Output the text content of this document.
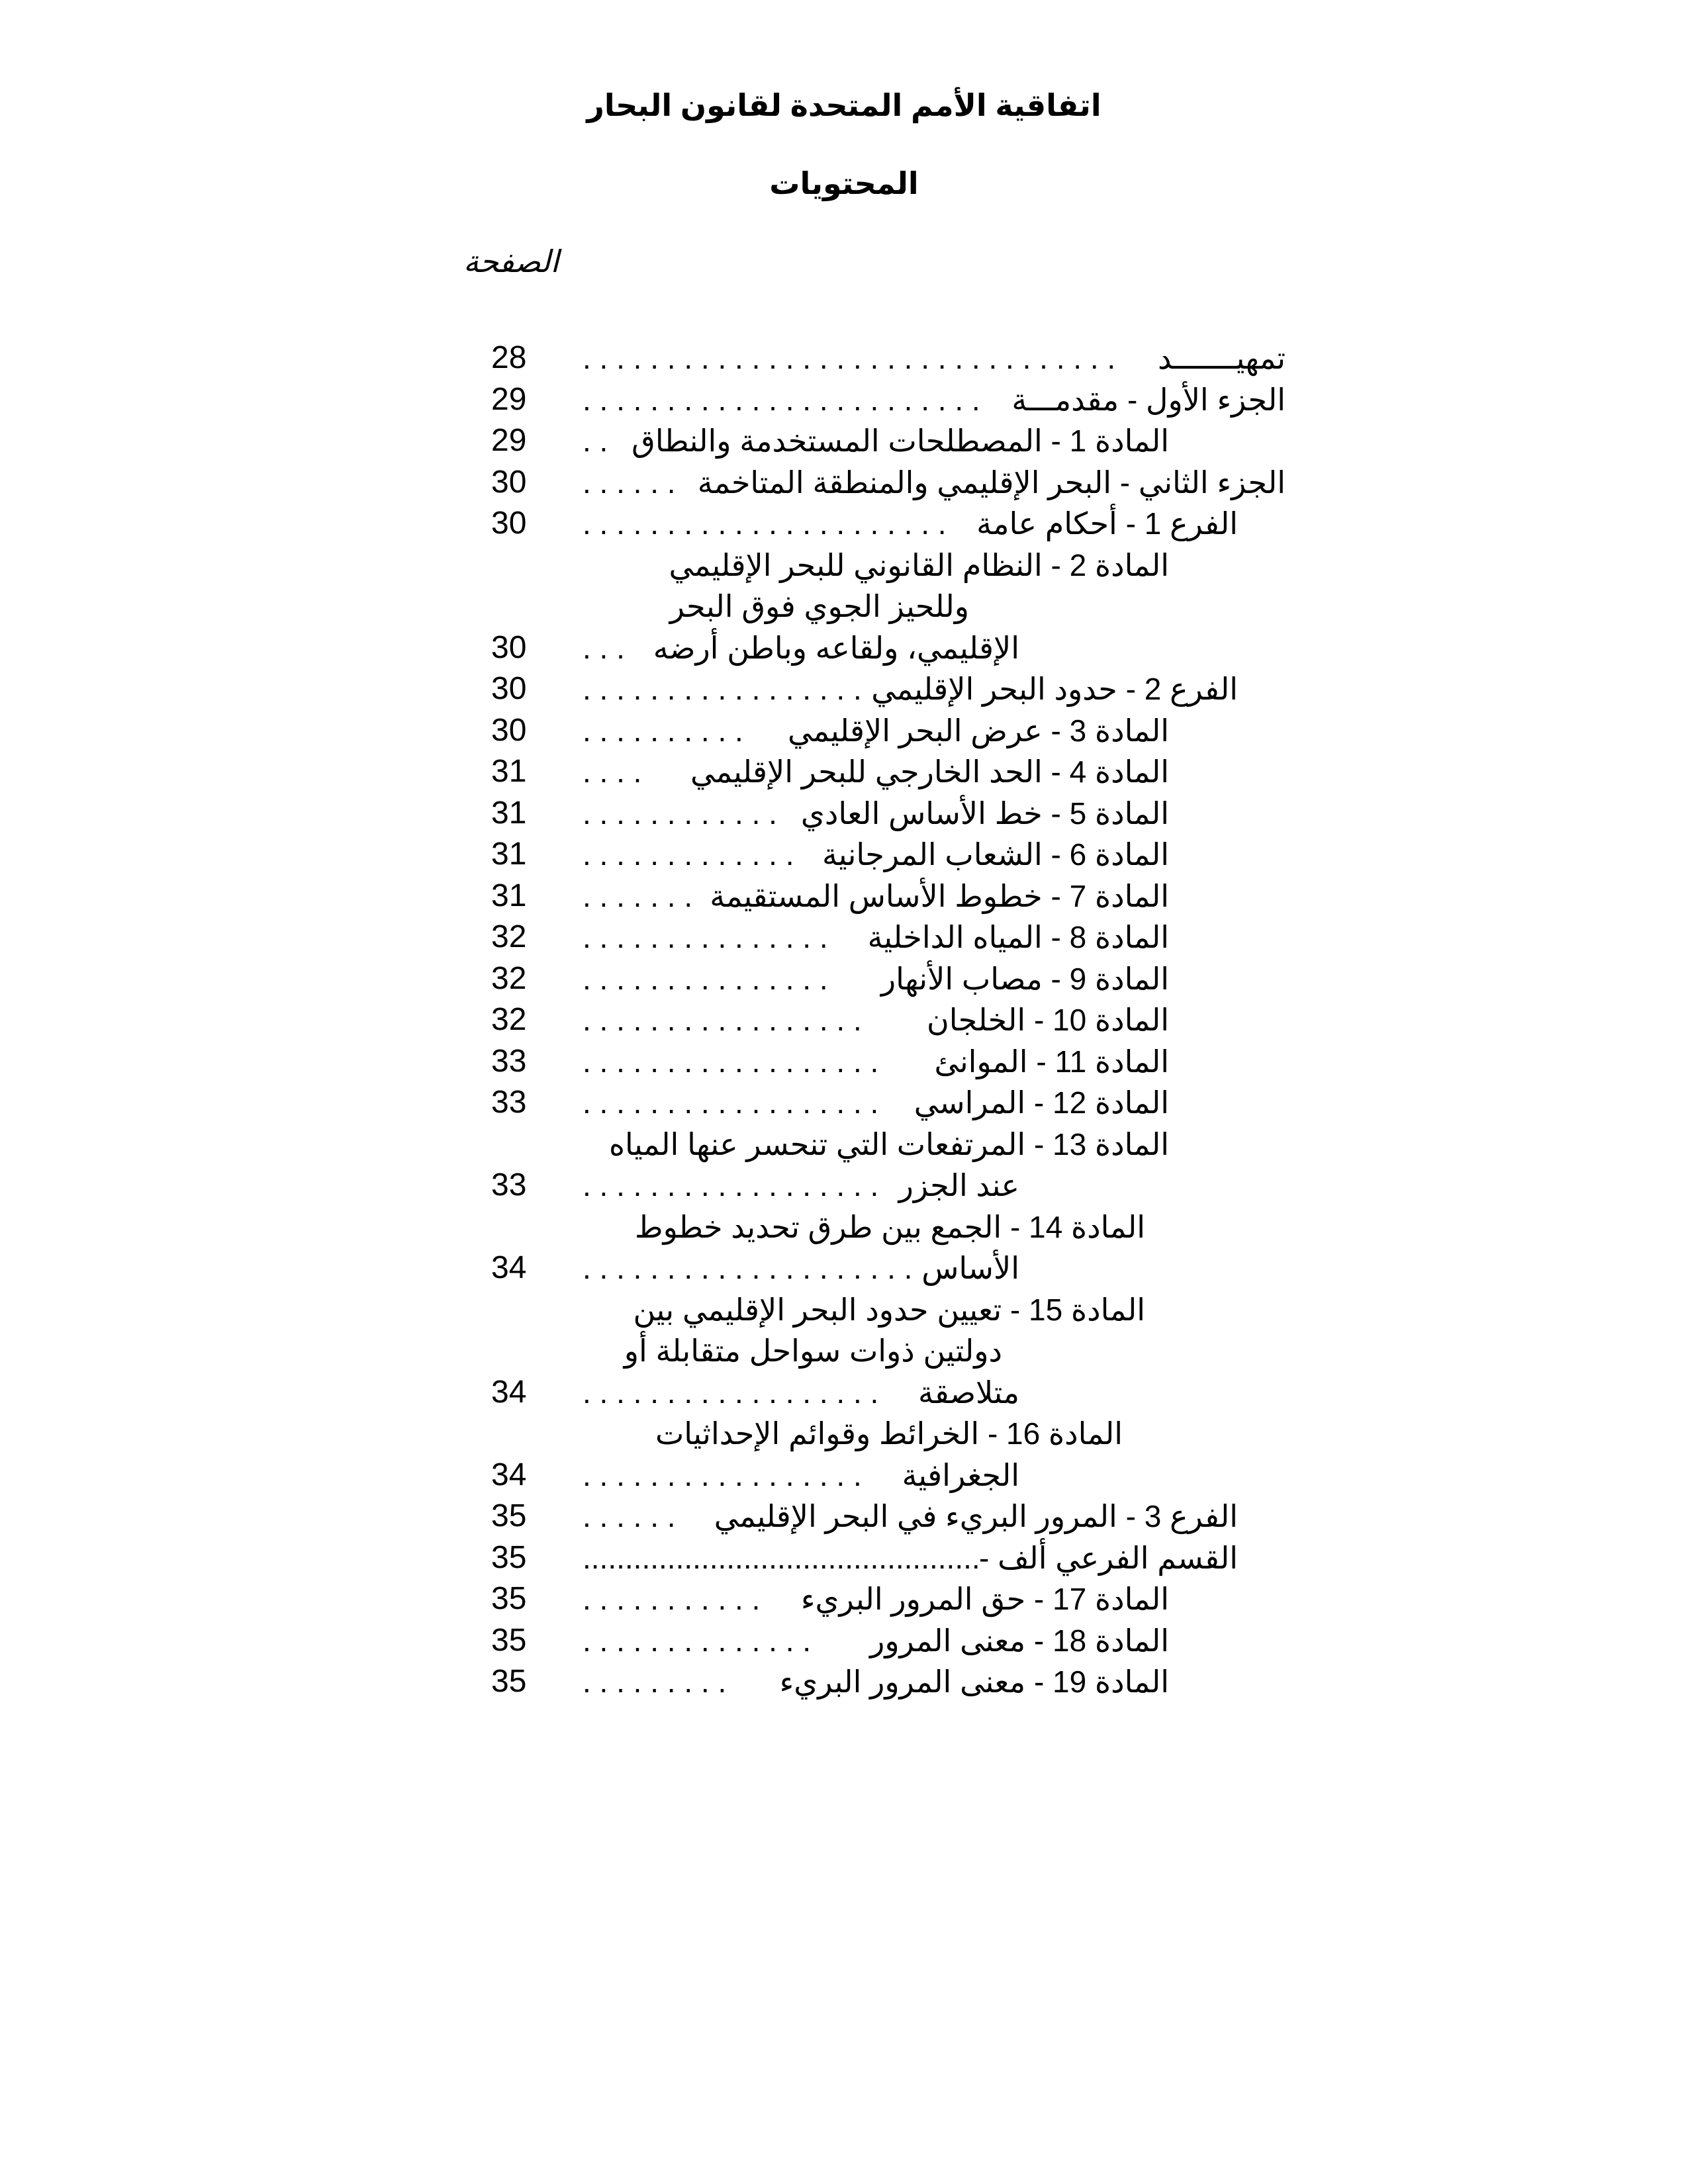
اتفاقية الأمم المتحدة لقانون البحار
المحتويات
الصفحة
28 . . . . . . . . . . . . . . . . . . . . . . . . . . . . . . . . تمهيـــــــد
29 . . . . . . . . . . . . . . . . . . . . . . . . الجزء الأول - مقدمـــة
29 . . المادة 1 - المصطلحات المستخدمة والنطاق
30 . . . . . . الجزء الثاني - البحر الإقليمي والمنطقة المتاخمة
30 . . . . . . . . . . . . . . . . . . . . . . الفرع 1 - أحكام عامة
المادة 2 - النظام القانوني للبحر الإقليمي
وللحيز الجوي فوق البحر
30 . . . الإقليمي، ولقاعه وباطن أرضه
30 . . . . . . . . . . . . . . . . . الفرع 2 - حدود البحر الإقليمي
30 . . . . . . . . . . المادة 3 - عرض البحر الإقليمي
31 . . . . المادة 4 - الحد الخارجي للبحر الإقليمي
31 . . . . . . . . . . . . المادة 5 - خط الأساس العادي
31 . . . . . . . . . . . . . المادة 6 - الشعاب المرجانية
31 . . . . . . . المادة 7 - خطوط الأساس المستقيمة
32 . . . . . . . . . . . . . . . المادة 8 - المياه الداخلية
32 . . . . . . . . . . . . . . . المادة 9 - مصاب الأنهار
32 . . . . . . . . . . . . . . . . . المادة 10 - الخلجان
33 . . . . . . . . . . . . . . . . . . المادة 11 - الموانئ
33 . . . . . . . . . . . . . . . . . . المادة 12 - المراسي
المادة 13 - المرتفعات التي تنحسر عنها المياه
33 . . . . . . . . . . . . . . . . . . عند الجزر
المادة 14 - الجمع بين طرق تحديد خطوط
34 . . . . . . . . . . . . . . . . . . . . الأساس
المادة 15 - تعيين حدود البحر الإقليمي بين
دولتين ذوات سواحل متقابلة أو
34 . . . . . . . . . . . . . . . . . . متلاصقة
المادة 16 - الخرائط وقوائم الإحداثيات
34 . . . . . . . . . . . . . . . . . الجغرافية
35 . . . . . . الفرع 3 - المرور البريء في البحر الإقليمي
35 ...............................................
القسم الفرعي ألف -
35 . . . . . . . . . . . المادة 17 - حق المرور البريء
35 . . . . . . . . . . . . . . المادة 18 - معنى المرور
35 . . . . . . . . . المادة 19 - معنى المرور البريء
